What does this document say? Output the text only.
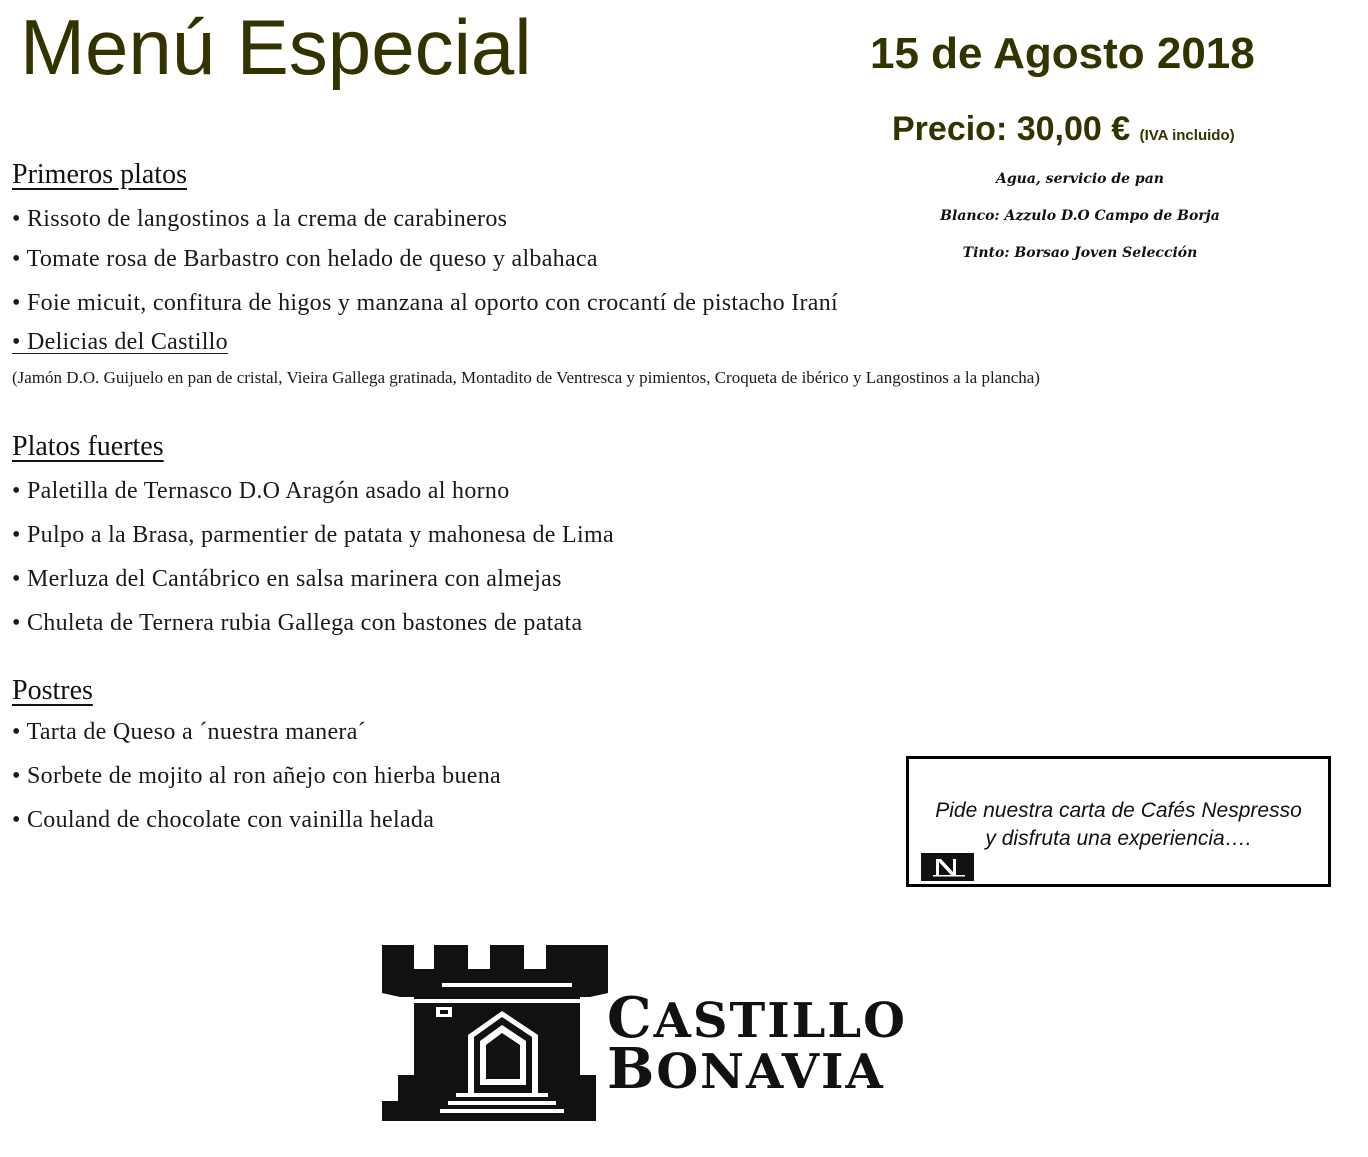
Menú Especial	15 de Agosto 2018
Precio: 30,00 € (IVA incluido)
Agua, servicio de pan
Blanco: Azzulo D.O Campo de Borja
Tinto: Borsao Joven Selección
Primeros platos
• Rissoto de langostinos a la crema de carabineros
• Tomate rosa de Barbastro con helado de queso y albahaca
• Foie micuit, confitura de higos y manzana al oporto con crocantí de pistacho Iraní
• Delicias del Castillo
(Jamón D.O. Guijuelo en pan de cristal, Vieira Gallega gratinada, Montadito de Ventresca y pimientos, Croqueta de ibérico y Langostinos a la plancha)
Platos fuertes
• Paletilla de Ternasco D.O Aragón asado al horno
• Pulpo a la Brasa, parmentier de patata y mahonesa de Lima
• Merluza del Cantábrico en salsa marinera con almejas
• Chuleta de Ternera rubia Gallega con bastones de patata
Postres
• Tarta de Queso a ´nuestra manera´
• Sorbete de mojito al ron añejo con hierba buena
• Couland de chocolate con vainilla helada	Pide nuestra carta de Cafés Nespresso
y disfruta una experiencia….
CASTILLO
BONAVIA
